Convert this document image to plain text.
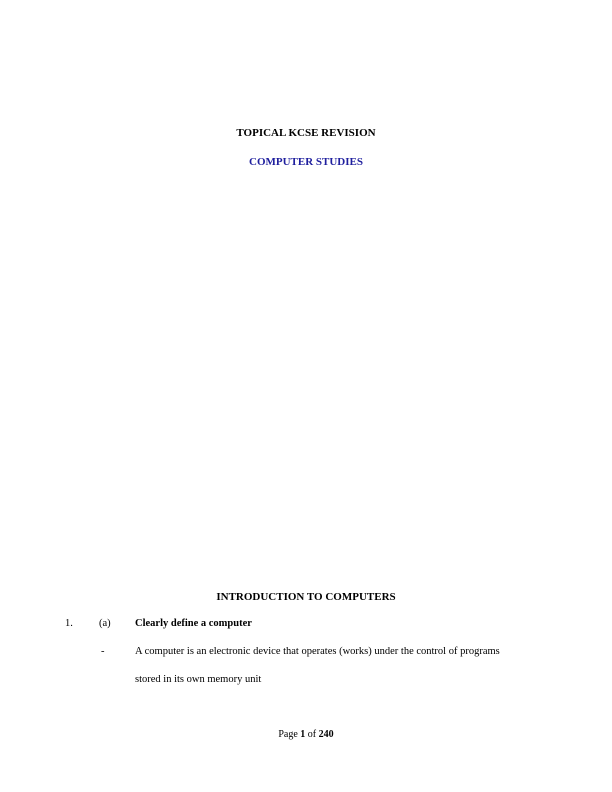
TOPICAL KCSE REVISION
COMPUTER STUDIES
INTRODUCTION TO COMPUTERS
1. (a) Clearly define a computer
-	A computer is an electronic device that operates (works) under the control of programs
stored in its own memory unit
Page 1 of 240
